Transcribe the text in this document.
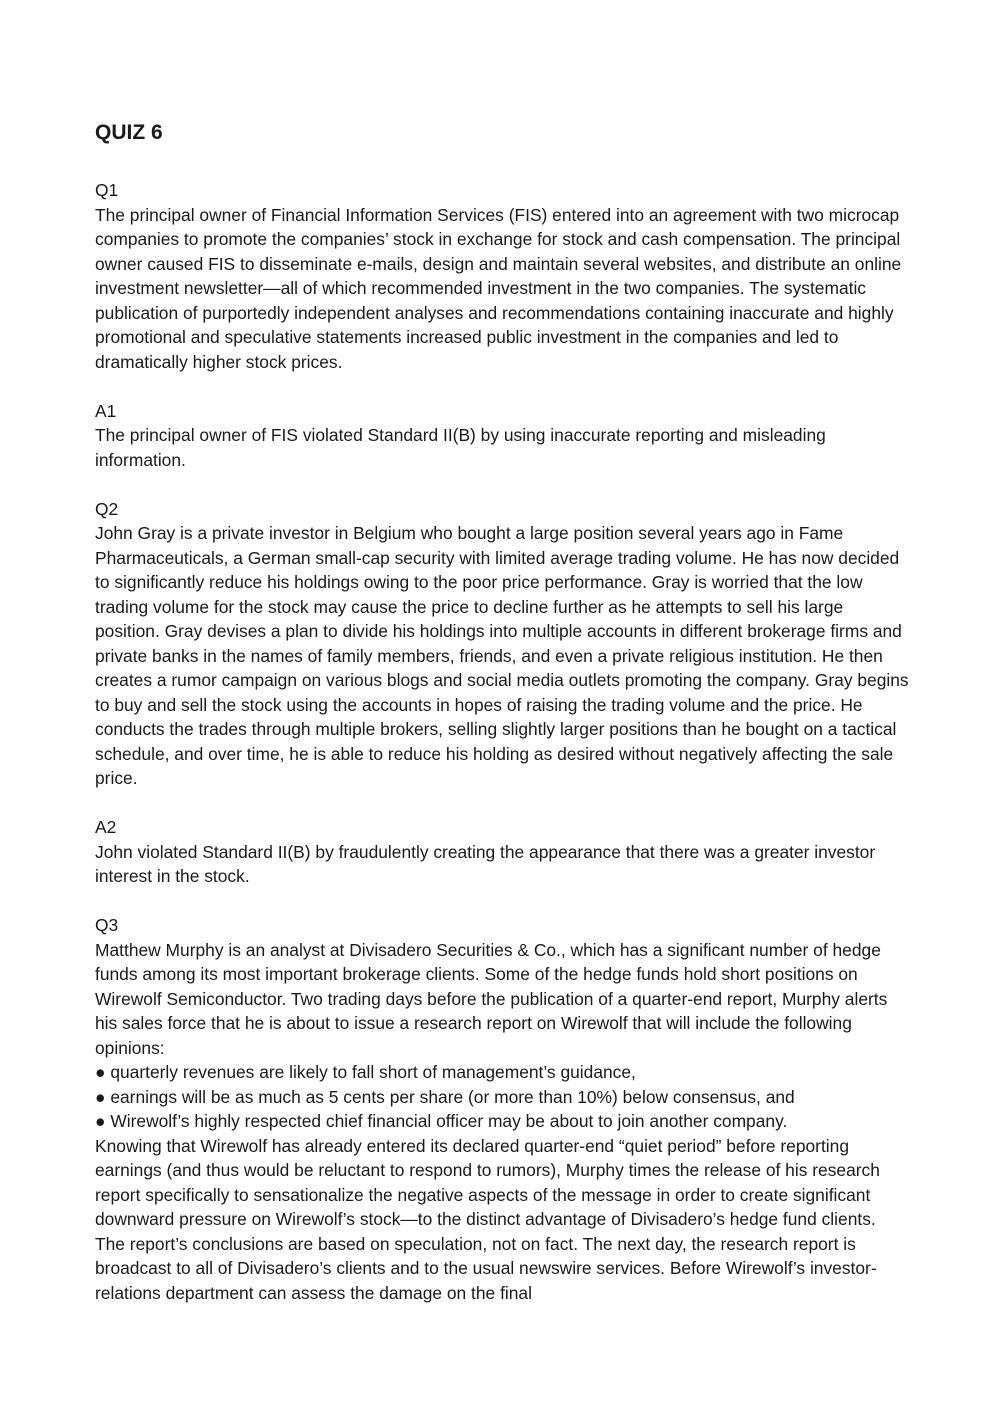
QUIZ 6
Q1
The principal owner of Financial Information Services (FIS) entered into an agreement with two microcap companies to promote the companies’ stock in exchange for stock and cash compensation. The principal owner caused FIS to disseminate e-mails, design and maintain several websites, and distribute an online investment newsletter—all of which recommended investment in the two companies. The systematic publication of purportedly independent analyses and recommendations containing inaccurate and highly promotional and speculative statements increased public investment in the companies and led to dramatically higher stock prices.
A1
The principal owner of FIS violated Standard II(B) by using inaccurate reporting and misleading information.
Q2
John Gray is a private investor in Belgium who bought a large position several years ago in Fame Pharmaceuticals, a German small-cap security with limited average trading volume. He has now decided to significantly reduce his holdings owing to the poor price performance. Gray is worried that the low trading volume for the stock may cause the price to decline further as he attempts to sell his large position. Gray devises a plan to divide his holdings into multiple accounts in different brokerage firms and private banks in the names of family members, friends, and even a private religious institution. He then creates a rumor campaign on various blogs and social media outlets promoting the company. Gray begins to buy and sell the stock using the accounts in hopes of raising the trading volume and the price. He conducts the trades through multiple brokers, selling slightly larger positions than he bought on a tactical schedule, and over time, he is able to reduce his holding as desired without negatively affecting the sale price.
A2
John violated Standard II(B) by fraudulently creating the appearance that there was a greater investor interest in the stock.
Q3
Matthew Murphy is an analyst at Divisadero Securities & Co., which has a significant number of hedge funds among its most important brokerage clients. Some of the hedge funds hold short positions on Wirewolf Semiconductor. Two trading days before the publication of a quarter-end report, Murphy alerts his sales force that he is about to issue a research report on Wirewolf that will include the following opinions:
● quarterly revenues are likely to fall short of management’s guidance,
● earnings will be as much as 5 cents per share (or more than 10%) below consensus, and
● Wirewolf’s highly respected chief financial officer may be about to join another company.
Knowing that Wirewolf has already entered its declared quarter-end “quiet period” before reporting earnings (and thus would be reluctant to respond to rumors), Murphy times the release of his research report specifically to sensationalize the negative aspects of the message in order to create significant downward pressure on Wirewolf’s stock—to the distinct advantage of Divisadero’s hedge fund clients. The report’s conclusions are based on speculation, not on fact. The next day, the research report is broadcast to all of Divisadero’s clients and to the usual newswire services. Before Wirewolf’s investor-relations department can assess the damage on the final
